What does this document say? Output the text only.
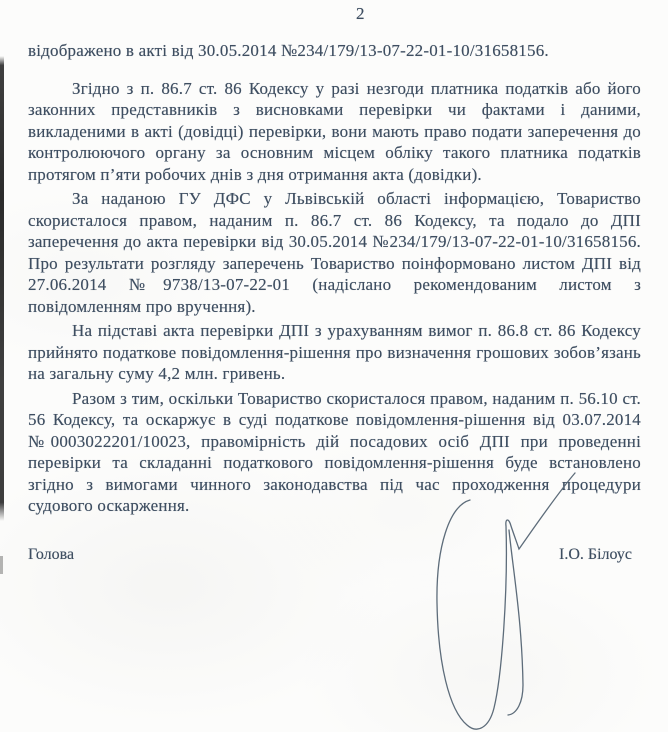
2

відображено в акті від 30.05.2014 №234/179/13-07-22-01-10/31658156.

Згідно з п. 86.7 ст. 86 Кодексу у разі незгоди платника податків або його законних представників з висновками перевірки чи фактами і даними, викладеними в акті (довідці) перевірки, вони мають право подати заперечення до контролюючого органу за основним місцем обліку такого платника податків протягом п’яти робочих днів з дня отримання акта (довідки).

За наданою ГУ ДФС у Львівській області інформацією, Товариство скористалося правом, наданим п. 86.7 ст. 86 Кодексу, та подало до ДПІ заперечення до акта перевірки від 30.05.2014 №234/179/13-07-22-01-10/31658156. Про результати розгляду заперечень Товариство поінформовано листом ДПІ від 27.06.2014 №9738/13-07-22-01 (надіслано рекомендованим листом з повідомленням про вручення).

На підставі акта перевірки ДПІ з урахуванням вимог п. 86.8 ст. 86 Кодексу прийнято податкове повідомлення-рішення про визначення грошових зобов’язань на загальну суму 4,2 млн. гривень.

Разом з тим, оскільки Товариство скористалося правом, наданим п. 56.10 ст. 56 Кодексу, та оскаржує в суді податкове повідомлення-рішення від 03.07.2014 №0003022201/10023, правомірність дій посадових осіб ДПІ при проведенні перевірки та складанні податкового повідомлення-рішення буде встановлено згідно з вимогами чинного законодавства під час проходження процедури судового оскарження.

Голова	І.О. Білоус
